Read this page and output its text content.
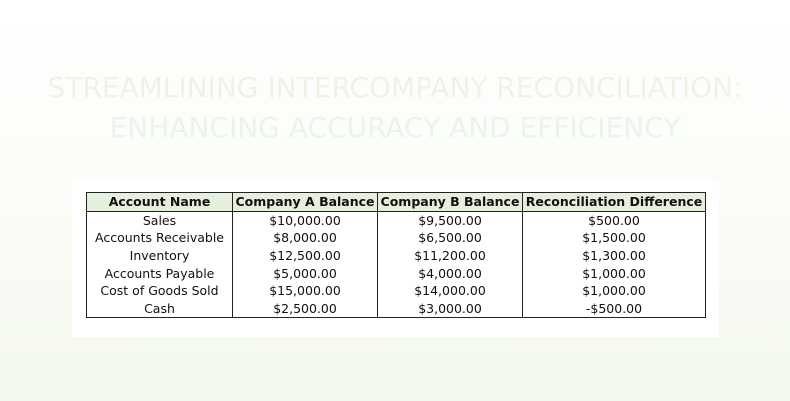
STREAMLINING INTERCOMPANY RECONCILIATION:
ENHANCING ACCURACY AND EFFICIENCY
Account Name	Company A Balance	Company B Balance	Reconciliation Difference
Sales	$10,000.00	$9,500.00	$500.00
Accounts Receivable	$8,000.00	$6,500.00	$1,500.00
Inventory	$12,500.00	$11,200.00	$1,300.00
Accounts Payable	$5,000.00	$4,000.00	$1,000.00
Cost of Goods Sold	$15,000.00	$14,000.00	$1,000.00
Cash	$2,500.00	$3,000.00	-$500.00
